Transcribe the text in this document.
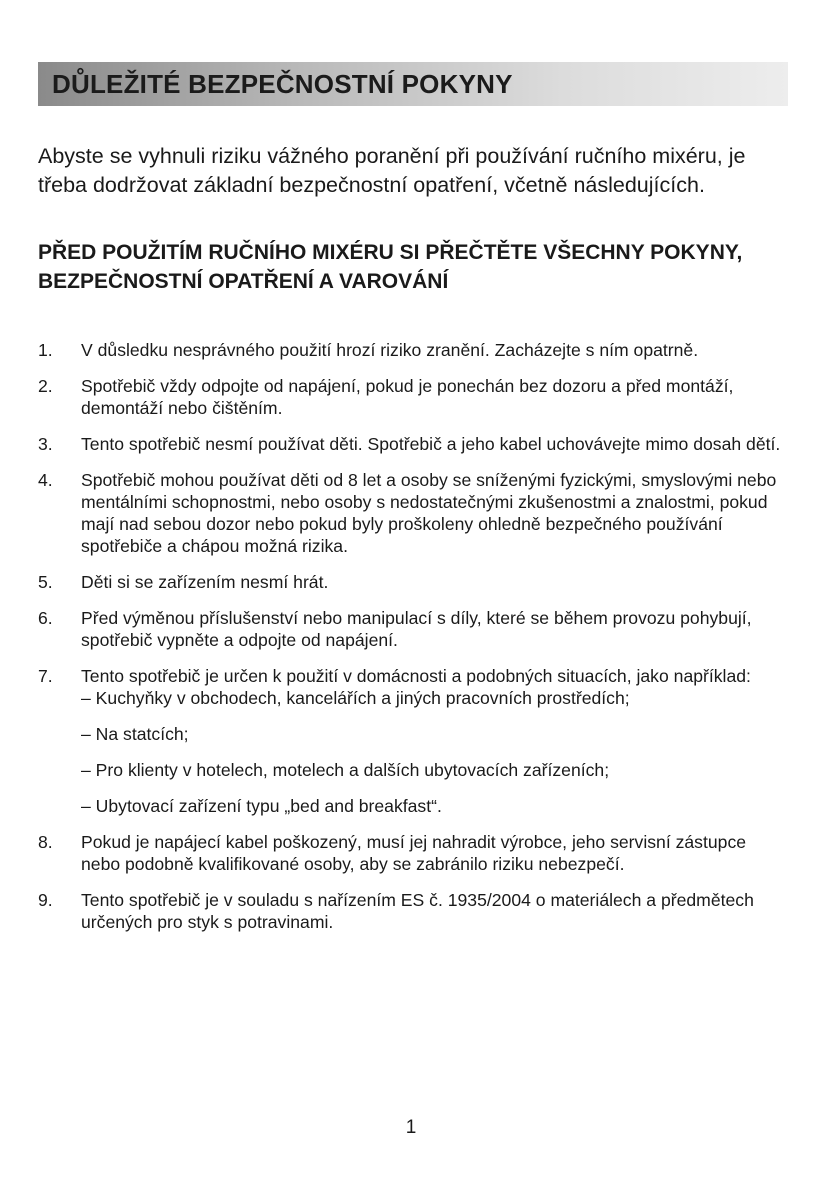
DŮLEŽITÉ BEZPEČNOSTNÍ POKYNY

Abyste se vyhnuli riziku vážného poranění při používání ručního mixéru, je třeba dodržovat základní bezpečnostní opatření, včetně následujících.

PŘED POUŽITÍM RUČNÍHO MIXÉRU SI PŘEČTĚTE VŠECHNY POKYNY, BEZPEČNOSTNÍ OPATŘENÍ A VAROVÁNÍ

1. V důsledku nesprávného použití hrozí riziko zranění. Zacházejte s ním opatrně.
2. Spotřebič vždy odpojte od napájení, pokud je ponechán bez dozoru a před montáží, demontáží nebo čištěním.
3. Tento spotřebič nesmí používat děti. Spotřebič a jeho kabel uchovávejte mimo dosah dětí.
4. Spotřebič mohou používat děti od 8 let a osoby se sníženými fyzickými, smyslovými nebo mentálními schopnostmi, nebo osoby s nedostatečnými zkušenostmi a znalostmi, pokud mají nad sebou dozor nebo pokud byly proškoleny ohledně bezpečného používání spotřebiče a chápou možná rizika.
5. Děti si se zařízením nesmí hrát.
6. Před výměnou příslušenství nebo manipulací s díly, které se během provozu pohybují, spotřebič vypněte a odpojte od napájení.
7. Tento spotřebič je určen k použití v domácnosti a podobných situacích, jako například:
– Kuchyňky v obchodech, kancelářích a jiných pracovních prostředích;
– Na statcích;
– Pro klienty v hotelech, motelech a dalších ubytovacích zařízeních;
– Ubytovací zařízení typu „bed and breakfast“.
8. Pokud je napájecí kabel poškozený, musí jej nahradit výrobce, jeho servisní zástupce nebo podobně kvalifikované osoby, aby se zabránilo riziku nebezpečí.
9. Tento spotřebič je v souladu s nařízením ES č. 1935/2004 o materiálech a předmětech určených pro styk s potravinami.
1
